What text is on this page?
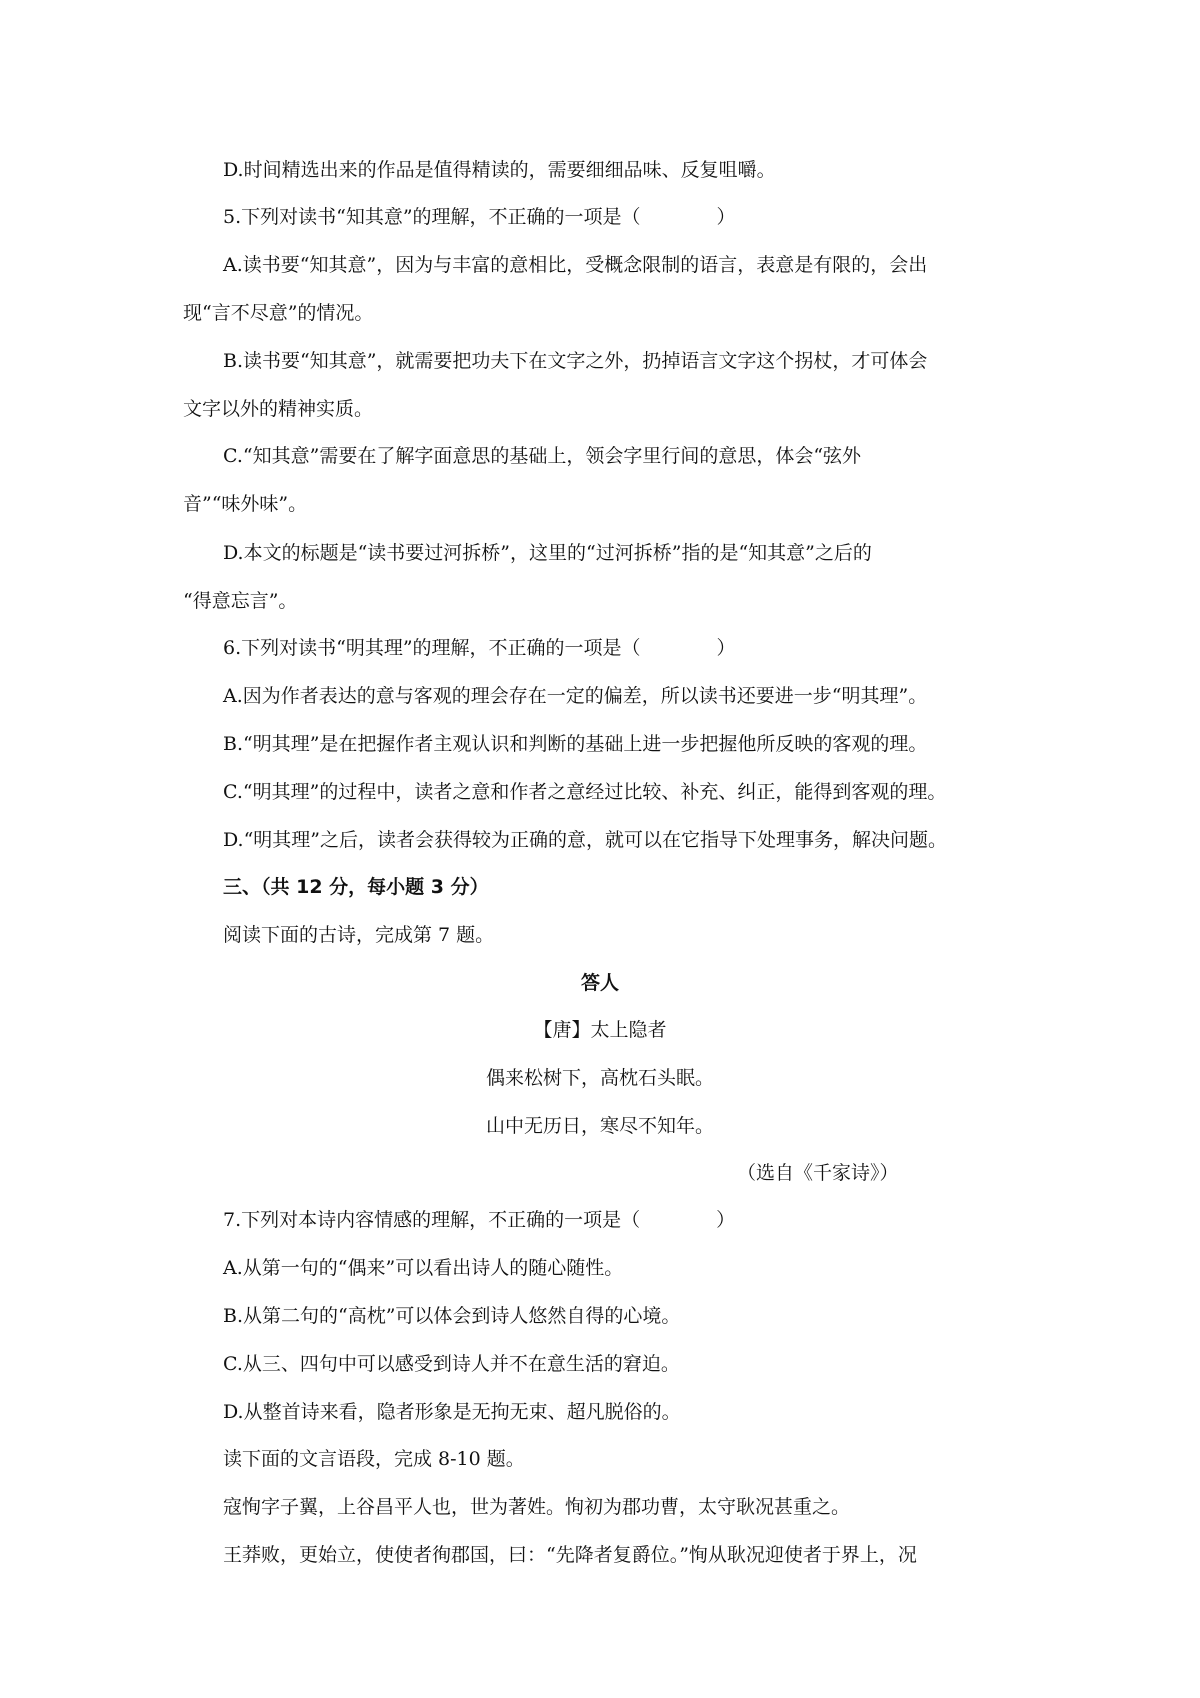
D.时间精选出来的作品是值得精读的，需要细细品味、反复咀嚼。
5.下列对读书“知其意”的理解，不正确的一项是（　　　　）
A.读书要“知其意”，因为与丰富的意相比，受概念限制的语言，表意是有限的，会出
现“言不尽意”的情况。
B.读书要“知其意”，就需要把功夫下在文字之外，扔掉语言文字这个拐杖，才可体会
文字以外的精神实质。
C.“知其意”需要在了解字面意思的基础上，领会字里行间的意思，体会“弦外
音”“味外味”。
D.本文的标题是“读书要过河拆桥”，这里的“过河拆桥”指的是“知其意”之后的
“得意忘言”。
6.下列对读书“明其理”的理解，不正确的一项是（　　　　）
A.因为作者表达的意与客观的理会存在一定的偏差，所以读书还要进一步“明其理”。
B.“明其理”是在把握作者主观认识和判断的基础上进一步把握他所反映的客观的理。
C.“明其理”的过程中，读者之意和作者之意经过比较、补充、纠正，能得到客观的理。
D.“明其理”之后，读者会获得较为正确的意，就可以在它指导下处理事务，解决问题。
三、（共 12 分，每小题 3 分）
阅读下面的古诗，完成第 7 题。
答人
【唐】太上隐者
偶来松树下，高枕石头眠。
山中无历日，寒尽不知年。
（选自《千家诗》）
7.下列对本诗内容情感的理解，不正确的一项是（　　　　）
A.从第一句的“偶来”可以看出诗人的随心随性。
B.从第二句的“高枕”可以体会到诗人悠然自得的心境。
C.从三、四句中可以感受到诗人并不在意生活的窘迫。
D.从整首诗来看，隐者形象是无拘无束、超凡脱俗的。
读下面的文言语段，完成 8-10 题。
寇恂字子翼，上谷昌平人也，世为著姓。恂初为郡功曹，太守耿况甚重之。
王莽败，更始立，使使者徇郡国，曰：“先降者复爵位。”恂从耿况迎使者于界上，况
